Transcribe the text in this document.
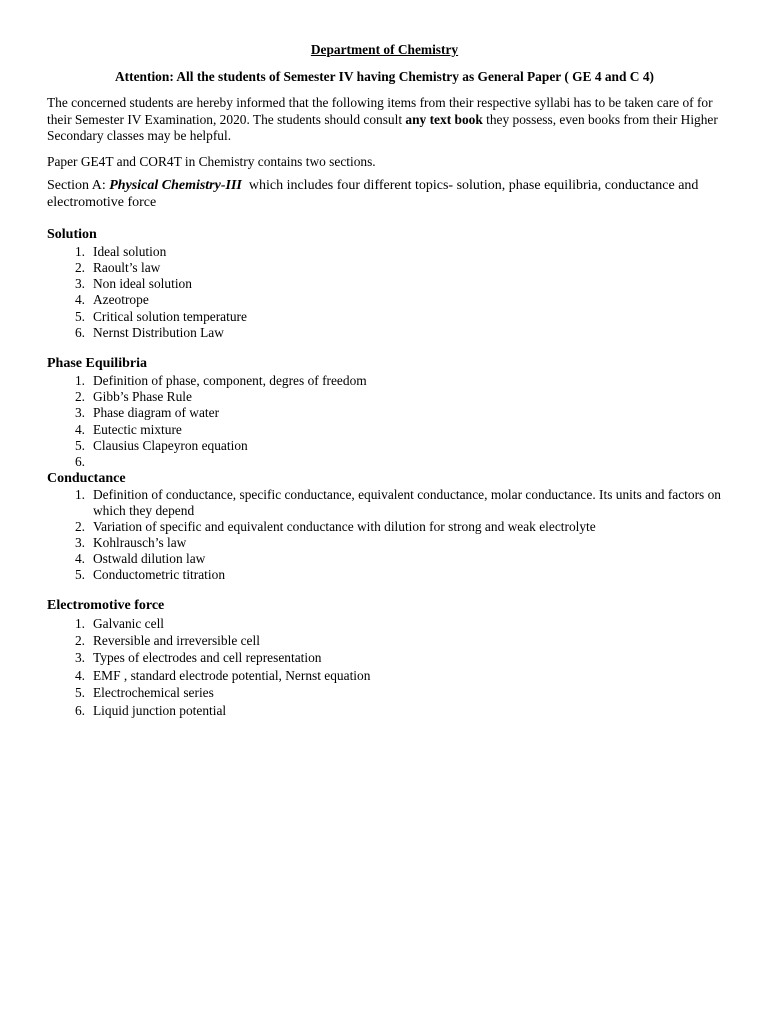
Department of Chemistry
Attention: All the students of Semester IV having Chemistry as General Paper ( GE 4 and C 4)

The concerned students are hereby informed that the following items from their respective syllabi has to be taken care of for their Semester IV Examination, 2020. The students should consult any text book they possess, even books from their Higher Secondary classes may be helpful.

Paper GE4T and COR4T in Chemistry contains two sections.

Section A: Physical Chemistry-III  which includes four different topics- solution, phase equilibria, conductance and electromotive force

Solution
1. Ideal solution
2. Raoult’s law
3. Non ideal solution
4. Azeotrope
5. Critical solution temperature
6. Nernst Distribution Law
Phase Equilibria
1. Definition of phase, component, degres of freedom
2. Gibb’s Phase Rule
3. Phase diagram of water
4. Eutectic mixture
5. Clausius Clapeyron equation
6.

Conductance
1. Definition of conductance, specific conductance, equivalent conductance, molar conductance. Its units and factors on which they depend
2. Variation of specific and equivalent conductance with dilution for strong and weak electrolyte
3. Kohlrausch’s law
4. Ostwald dilution law
5. Conductometric titration
Electromotive force
1. Galvanic cell
2. Reversible and irreversible cell
3. Types of electrodes and cell representation
4. EMF , standard electrode potential, Nernst equation
5. Electrochemical series
6. Liquid junction potential
